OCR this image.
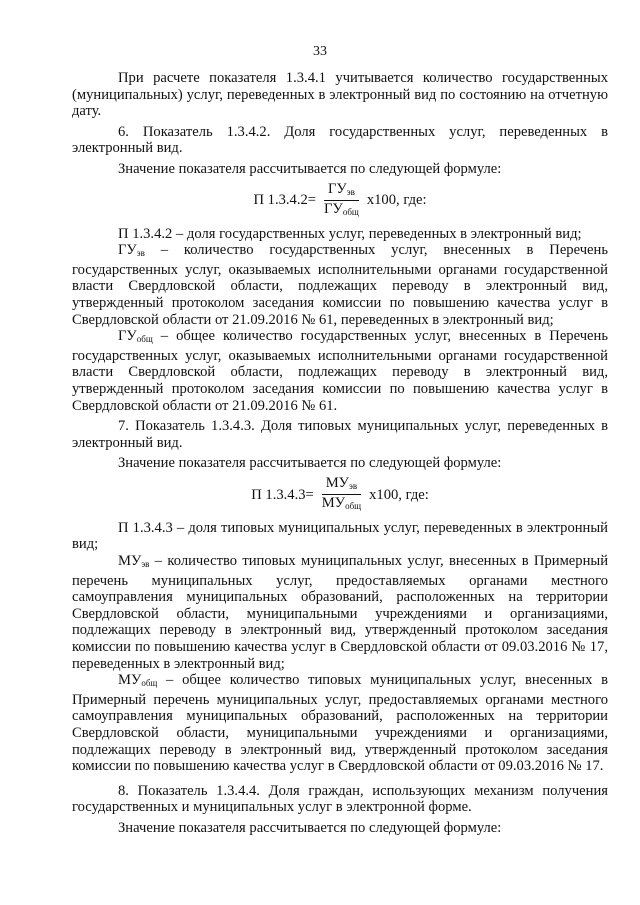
33

При расчете показателя 1.3.4.1 учитывается количество государственных (муниципальных) услуг, переведенных в электронный вид по состоянию на отчетную дату.

6. Показатель 1.3.4.2. Доля государственных услуг, переведенных в электронный вид.

Значение показателя рассчитывается по следующей формуле:

П $1.3.4.2= \frac{ГУ_{эв}}{ГУ_{общ}} x100$, где:

П 1.3.4.2 – доля государственных услуг, переведенных в электронный вид;

$ГУ_{эв}$ – количество государственных услуг, внесенных в Перечень государственных услуг, оказываемых исполнительными органами государственной власти Свердловской области, подлежащих переводу в электронный вид, утвержденный протоколом заседания комиссии по повышению качества услуг в Свердловской области от 21.09.2016 № 61, переведенных в электронный вид;

$ГУ_{общ}$ – общее количество государственных услуг, внесенных в Перечень государственных услуг, оказываемых исполнительными органами государственной власти Свердловской области, подлежащих переводу в электронный вид, утвержденный протоколом заседания комиссии по повышению качества услуг в Свердловской области от 21.09.2016 № 61.

7. Показатель 1.3.4.3. Доля типовых муниципальных услуг, переведенных в электронный вид.

Значение показателя рассчитывается по следующей формуле:

П $1.3.4.3= \frac{МУ_{эв}}{МУ_{общ}} x100$, где:

П 1.3.4.3 – доля типовых муниципальных услуг, переведенных в электронный вид;

$МУ_{эв}$ – количество типовых муниципальных услуг, внесенных в Примерный перечень муниципальных услуг, предоставляемых органами местного самоуправления муниципальных образований, расположенных на территории Свердловской области, муниципальными учреждениями и организациями, подлежащих переводу в электронный вид, утвержденный протоколом заседания комиссии по повышению качества услуг в Свердловской области от 09.03.2016 № 17, переведенных в электронный вид;

$МУ_{общ}$ – общее количество типовых муниципальных услуг, внесенных в Примерный перечень муниципальных услуг, предоставляемых органами местного самоуправления муниципальных образований, расположенных на территории Свердловской области, муниципальными учреждениями и организациями, подлежащих переводу в электронный вид, утвержденный протоколом заседания комиссии по повышению качества услуг в Свердловской области от 09.03.2016 № 17.

8. Показатель 1.3.4.4. Доля граждан, использующих механизм получения государственных и муниципальных услуг в электронной форме.

Значение показателя рассчитывается по следующей формуле:
